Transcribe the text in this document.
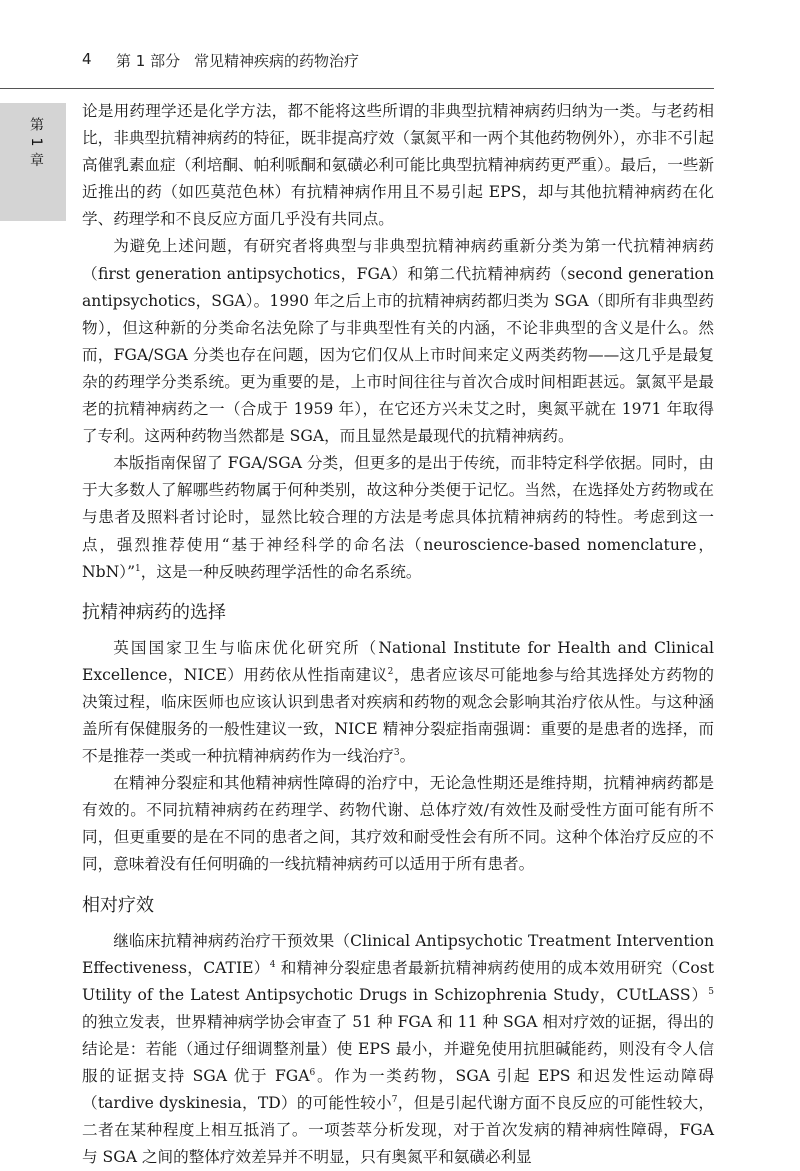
4 第 1 部分 常见精神疾病的药物治疗
第 1 章

论是用药理学还是化学方法，都不能将这些所谓的非典型抗精神病药归纳为一类。与老药相比，非典型抗精神病药的特征，既非提高疗效（氯氮平和一两个其他药物例外），亦非不引起高催乳素血症（利培酮、帕利哌酮和氨磺必利可能比典型抗精神病药更严重）。最后，一些新近推出的药（如匹莫范色林）有抗精神病作用且不易引起 EPS，却与其他抗精神病药在化学、药理学和不良反应方面几乎没有共同点。

为避免上述问题，有研究者将典型与非典型抗精神病药重新分类为第一代抗精神病药（first generation antipsychotics，FGA）和第二代抗精神病药（second generation antipsychotics，SGA）。1990 年之后上市的抗精神病药都归类为 SGA（即所有非典型药物），但这种新的分类命名法免除了与非典型性有关的内涵，不论非典型的含义是什么。然而，FGA/SGA 分类也存在问题，因为它们仅从上市时间来定义两类药物——这几乎是最复杂的药理学分类系统。更为重要的是，上市时间往往与首次合成时间相距甚远。氯氮平是最老的抗精神病药之一（合成于 1959 年），在它还方兴未艾之时，奥氮平就在 1971 年取得了专利。这两种药物当然都是 SGA，而且显然是最现代的抗精神病药。

本版指南保留了 FGA/SGA 分类，但更多的是出于传统，而非特定科学依据。同时，由于大多数人了解哪些药物属于何种类别，故这种分类便于记忆。当然，在选择处方药物或在与患者及照料者讨论时，显然比较合理的方法是考虑具体抗精神病药的特性。考虑到这一点，强烈推荐使用“基于神经科学的命名法（neuroscience-based nomenclature，NbN）”$^1$，这是一种反映药理学活性的命名系统。

抗精神病药的选择

英国国家卫生与临床优化研究所（National Institute for Health and Clinical Excellence，NICE）用药依从性指南建议$^2$，患者应该尽可能地参与给其选择处方药物的决策过程，临床医师也应该认识到患者对疾病和药物的观念会影响其治疗依从性。与这种涵盖所有保健服务的一般性建议一致，NICE 精神分裂症指南强调：重要的是患者的选择，而不是推荐一类或一种抗精神病药作为一线治疗$^3$。

在精神分裂症和其他精神病性障碍的治疗中，无论急性期还是维持期，抗精神病药都是有效的。不同抗精神病药在药理学、药物代谢、总体疗效/有效性及耐受性方面可能有所不同，但更重要的是在不同的患者之间，其疗效和耐受性会有所不同。这种个体治疗反应的不同，意味着没有任何明确的一线抗精神病药可以适用于所有患者。

相对疗效

继临床抗精神病药治疗干预效果（Clinical Antipsychotic Treatment Intervention Effectiveness，CATIE）$^4$ 和精神分裂症患者最新抗精神病药使用的成本效用研究（Cost Utility of the Latest Antipsychotic Drugs in Schizophrenia Study，CUtLASS）$^5$ 的独立发表，世界精神病学协会审查了 51 种 FGA 和 11 种 SGA 相对疗效的证据，得出的结论是：若能（通过仔细调整剂量）使 EPS 最小，并避免使用抗胆碱能药，则没有令人信服的证据支持 SGA 优于 FGA$^6$。作为一类药物，SGA 引起 EPS 和迟发性运动障碍（tardive dyskinesia，TD）的可能性较小$^7$，但是引起代谢方面不良反应的可能性较大，二者在某种程度上相互抵消了。一项荟萃分析发现，对于首次发病的精神病性障碍，FGA 与 SGA 之间的整体疗效差异并不明显，只有奥氮平和氨磺必利显
